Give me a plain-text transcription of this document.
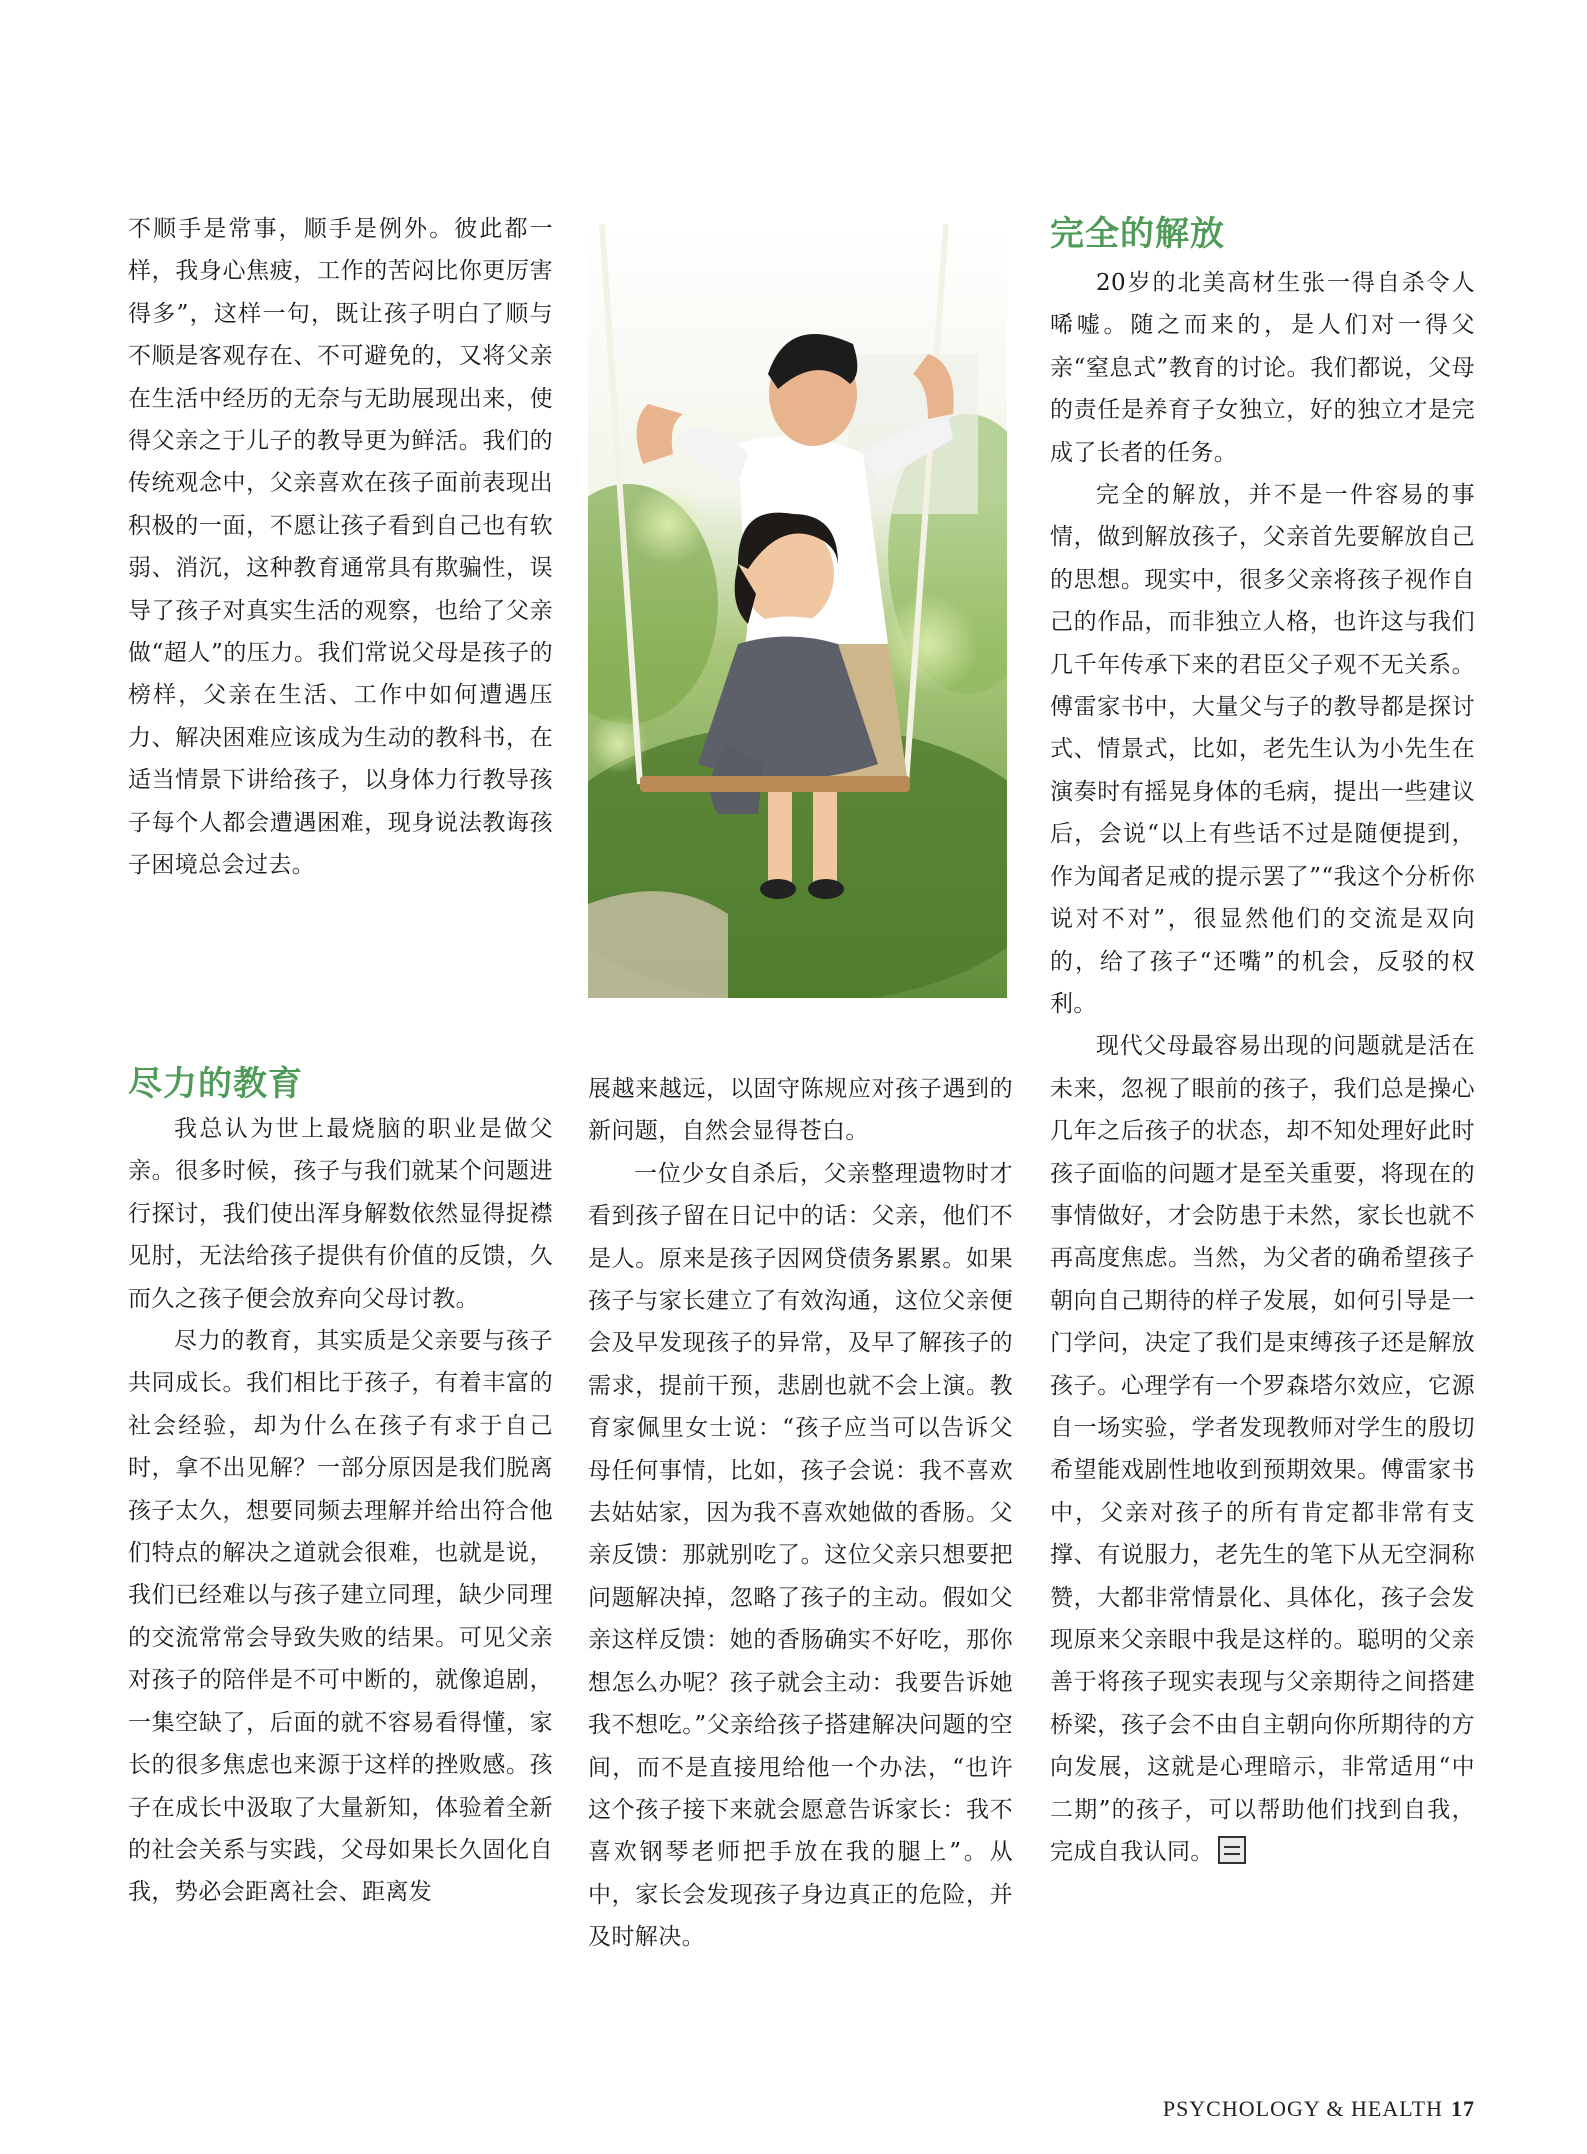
不顺手是常事，顺手是例外。彼此都一样，我身心焦疲，工作的苦闷比你更厉害得多”，这样一句，既让孩子明白了顺与不顺是客观存在、不可避免的，又将父亲在生活中经历的无奈与无助展现出来，使得父亲之于儿子的教导更为鲜活。我们的传统观念中，父亲喜欢在孩子面前表现出积极的一面，不愿让孩子看到自己也有软弱、消沉，这种教育通常具有欺骗性，误导了孩子对真实生活的观察，也给了父亲做“超人”的压力。我们常说父母是孩子的榜样，父亲在生活、工作中如何遭遇压力、解决困难应该成为生动的教科书，在适当情景下讲给孩子，以身体力行教导孩子每个人都会遭遇困难，现身说法教诲孩子困境总会过去。

完全的解放

20岁的北美高材生张一得自杀令人唏嘘。随之而来的，是人们对一得父亲“窒息式”教育的讨论。我们都说，父母的责任是养育子女独立，好的独立才是完成了长者的任务。

完全的解放，并不是一件容易的事情，做到解放孩子，父亲首先要解放自己的思想。现实中，很多父亲将孩子视作自己的作品，而非独立人格，也许这与我们几千年传承下来的君臣父子观不无关系。傅雷家书中，大量父与子的教导都是探讨式、情景式，比如，老先生认为小先生在演奏时有摇晃身体的毛病，提出一些建议后，会说“以上有些话不过是随便提到，作为闻者足戒的提示罢了”“我这个分析你说对不对”，很显然他们的交流是双向的，给了孩子“还嘴”的机会，反驳的权利。

现代父母最容易出现的问题就是活在未来，忽视了眼前的孩子，我们总是操心几年之后孩子的状态，却不知处理好此时孩子面临的问题才是至关重要，将现在的事情做好，才会防患于未然，家长也就不再高度焦虑。当然，为父者的确希望孩子朝向自己期待的样子发展，如何引导是一门学问，决定了我们是束缚孩子还是解放孩子。心理学有一个罗森塔尔效应，它源自一场实验，学者发现教师对学生的殷切希望能戏剧性地收到预期效果。傅雷家书中，父亲对孩子的所有肯定都非常有支撑、有说服力，老先生的笔下从无空洞称赞，大都非常情景化、具体化，孩子会发现原来父亲眼中我是这样的。聪明的父亲善于将孩子现实表现与父亲期待之间搭建桥梁，孩子会不由自主朝向你所期待的方向发展，这就是心理暗示，非常适用“中二期”的孩子，可以帮助他们找到自我，完成自我认同。

尽力的教育

我总认为世上最烧脑的职业是做父亲。很多时候，孩子与我们就某个问题进行探讨，我们使出浑身解数依然显得捉襟见肘，无法给孩子提供有价值的反馈，久而久之孩子便会放弃向父母讨教。

尽力的教育，其实质是父亲要与孩子共同成长。我们相比于孩子，有着丰富的社会经验，却为什么在孩子有求于自己时，拿不出见解？一部分原因是我们脱离孩子太久，想要同频去理解并给出符合他们特点的解决之道就会很难，也就是说，我们已经难以与孩子建立同理，缺少同理的交流常常会导致失败的结果。可见父亲对孩子的陪伴是不可中断的，就像追剧，一集空缺了，后面的就不容易看得懂，家长的很多焦虑也来源于这样的挫败感。孩子在成长中汲取了大量新知，体验着全新的社会关系与实践，父母如果长久固化自我，势必会距离社会、距离发

展越来越远，以固守陈规应对孩子遇到的新问题，自然会显得苍白。

一位少女自杀后，父亲整理遗物时才看到孩子留在日记中的话：父亲，他们不是人。原来是孩子因网贷债务累累。如果孩子与家长建立了有效沟通，这位父亲便会及早发现孩子的异常，及早了解孩子的需求，提前干预，悲剧也就不会上演。教育家佩里女士说：“孩子应当可以告诉父母任何事情，比如，孩子会说：我不喜欢去姑姑家，因为我不喜欢她做的香肠。父亲反馈：那就别吃了。这位父亲只想要把问题解决掉，忽略了孩子的主动。假如父亲这样反馈：她的香肠确实不好吃，那你想怎么办呢？孩子就会主动：我要告诉她我不想吃。”父亲给孩子搭建解决问题的空间，而不是直接甩给他一个办法，“也许这个孩子接下来就会愿意告诉家长：我不喜欢钢琴老师把手放在我的腿上”。从中，家长会发现孩子身边真正的危险，并及时解决。

PSYCHOLOGY & HEALTH 17
